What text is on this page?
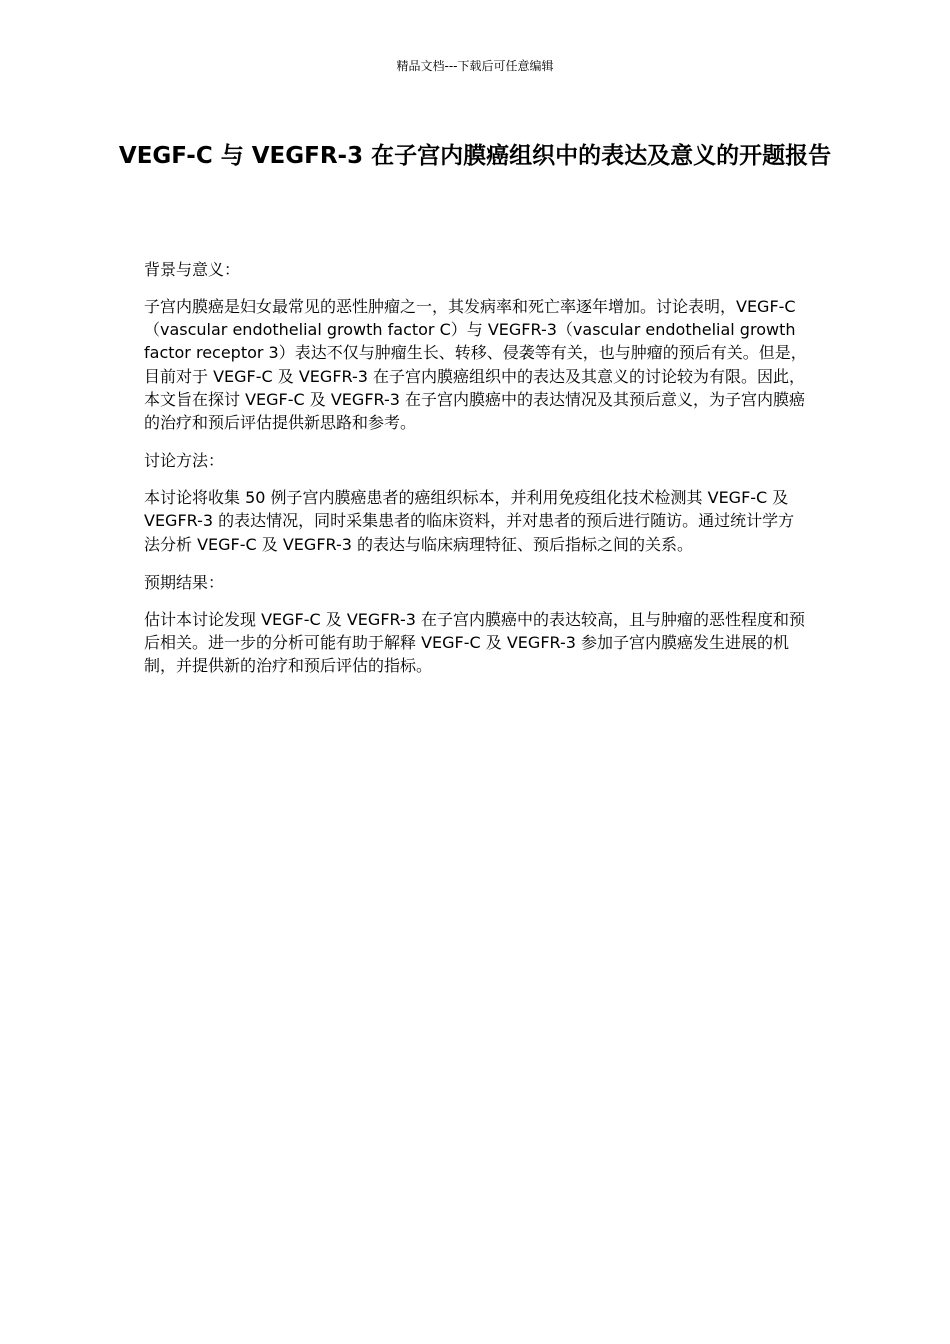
精品文档---下载后可任意编辑
VEGF-C 与 VEGFR-3 在子宫内膜癌组织中的表达及意义的开题报告

背景与意义：

子宫内膜癌是妇女最常见的恶性肿瘤之一，其发病率和死亡率逐年增加。讨论表明，VEGF-C（vascular endothelial growth factor C）与 VEGFR-3（vascular endothelial growth factor receptor 3）表达不仅与肿瘤生长、转移、侵袭等有关，也与肿瘤的预后有关。但是，目前对于 VEGF-C 及 VEGFR-3 在子宫内膜癌组织中的表达及其意义的讨论较为有限。因此，本文旨在探讨 VEGF-C 及 VEGFR-3 在子宫内膜癌中的表达情况及其预后意义，为子宫内膜癌的治疗和预后评估提供新思路和参考。

讨论方法：

本讨论将收集 50 例子宫内膜癌患者的癌组织标本，并利用免疫组化技术检测其 VEGF-C 及 VEGFR-3 的表达情况，同时采集患者的临床资料，并对患者的预后进行随访。通过统计学方法分析 VEGF-C 及 VEGFR-3 的表达与临床病理特征、预后指标之间的关系。

预期结果：

估计本讨论发现 VEGF-C 及 VEGFR-3 在子宫内膜癌中的表达较高，且与肿瘤的恶性程度和预后相关。进一步的分析可能有助于解释 VEGF-C 及 VEGFR-3 参加子宫内膜癌发生进展的机制，并提供新的治疗和预后评估的指标。
